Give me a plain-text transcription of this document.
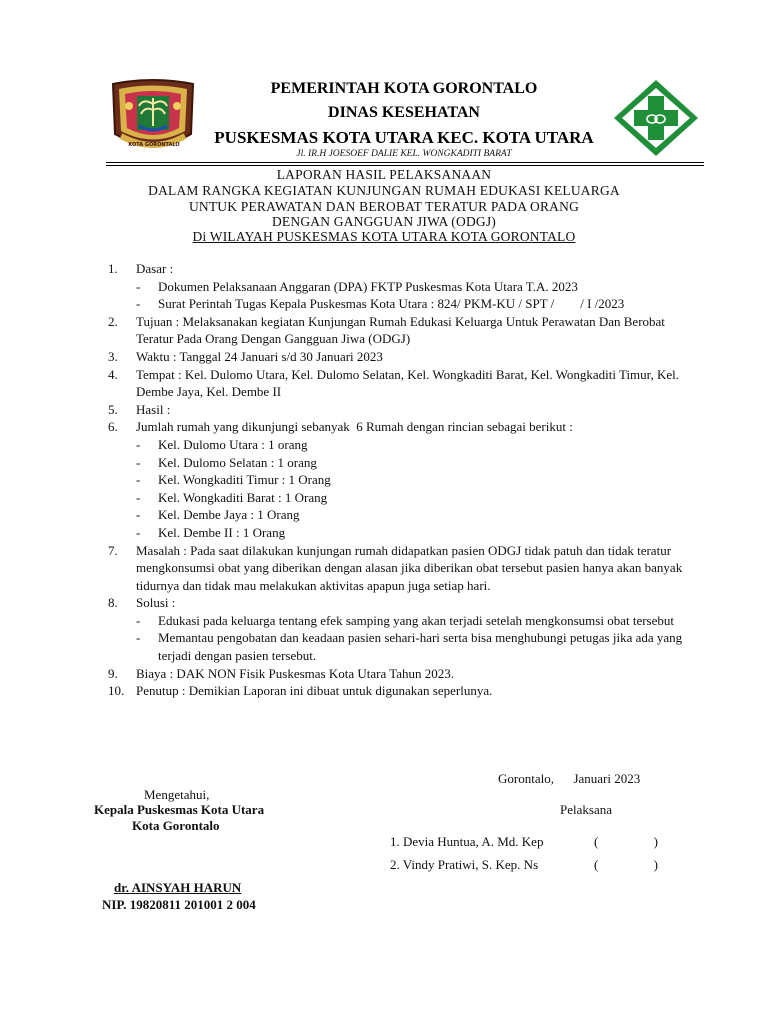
KOTA GORONTALO
PEMERINTAH KOTA GORONTALO
DINAS KESEHATAN
PUSKESMAS KOTA UTARA KEC. KOTA UTARA
Jl. IR.H JOESOEF DALIE KEL. WONGKADITI BARAT
LAPORAN HASIL PELAKSANAAN
DALAM RANGKA KEGIATAN KUNJUNGAN RUMAH EDUKASI KELUARGA
UNTUK PERAWATAN DAN BEROBAT TERATUR PADA ORANG
DENGAN GANGGUAN JIWA (ODGJ)
Di WILAYAH PUSKESMAS KOTA UTARA KOTA GORONTALO
1.	Dasar :
- Dokumen Pelaksanaan Anggaran (DPA) FKTP Puskesmas Kota Utara T.A. 2023
- Surat Perintah Tugas Kepala Puskesmas Kota Utara : 824/ PKM-KU / SPT /        / I /2023
2.	Tujuan : Melaksanakan kegiatan Kunjungan Rumah Edukasi Keluarga Untuk Perawatan Dan Berobat Teratur Pada Orang Dengan Gangguan Jiwa (ODGJ)
3.	Waktu : Tanggal 24 Januari s/d 30 Januari 2023
4.	Tempat : Kel. Dulomo Utara, Kel. Dulomo Selatan, Kel. Wongkaditi Barat, Kel. Wongkaditi Timur, Kel. Dembe Jaya, Kel. Dembe II
5.	Hasil :
6.	Jumlah rumah yang dikunjungi sebanyak  6 Rumah dengan rincian sebagai berikut :
- Kel. Dulomo Utara : 1 orang
- Kel. Dulomo Selatan : 1 orang
- Kel. Wongkaditi Timur : 1 Orang
- Kel. Wongkaditi Barat : 1 Orang
- Kel. Dembe Jaya : 1 Orang
- Kel. Dembe II : 1 Orang
7.	Masalah : Pada saat dilakukan kunjungan rumah didapatkan pasien ODGJ tidak patuh dan tidak teratur mengkonsumsi obat yang diberikan dengan alasan jika diberikan obat tersebut pasien hanya akan banyak tidurnya dan tidak mau melakukan aktivitas apapun juga setiap hari.
8.	Solusi :
- Edukasi pada keluarga tentang efek samping yang akan terjadi setelah mengkonsumsi obat tersebut
- Memantau pengobatan dan keadaan pasien sehari-hari serta bisa menghubungi petugas jika ada yang terjadi dengan pasien tersebut.
9.	Biaya : DAK NON Fisik Puskesmas Kota Utara Tahun 2023.
10. Penutup : Demikian Laporan ini dibuat untuk digunakan seperlunya.
Gorontalo,      Januari 2023
Mengetahui,
Kepala Puskesmas Kota Utara
Kota Gorontalo
Pelaksana
1. Devia Huntua, A. Md. Kep	(                 )
2. Vindy Pratiwi, S. Kep. Ns	(                 )
dr. AINSYAH HARUN
NIP. 19820811 201001 2 004
